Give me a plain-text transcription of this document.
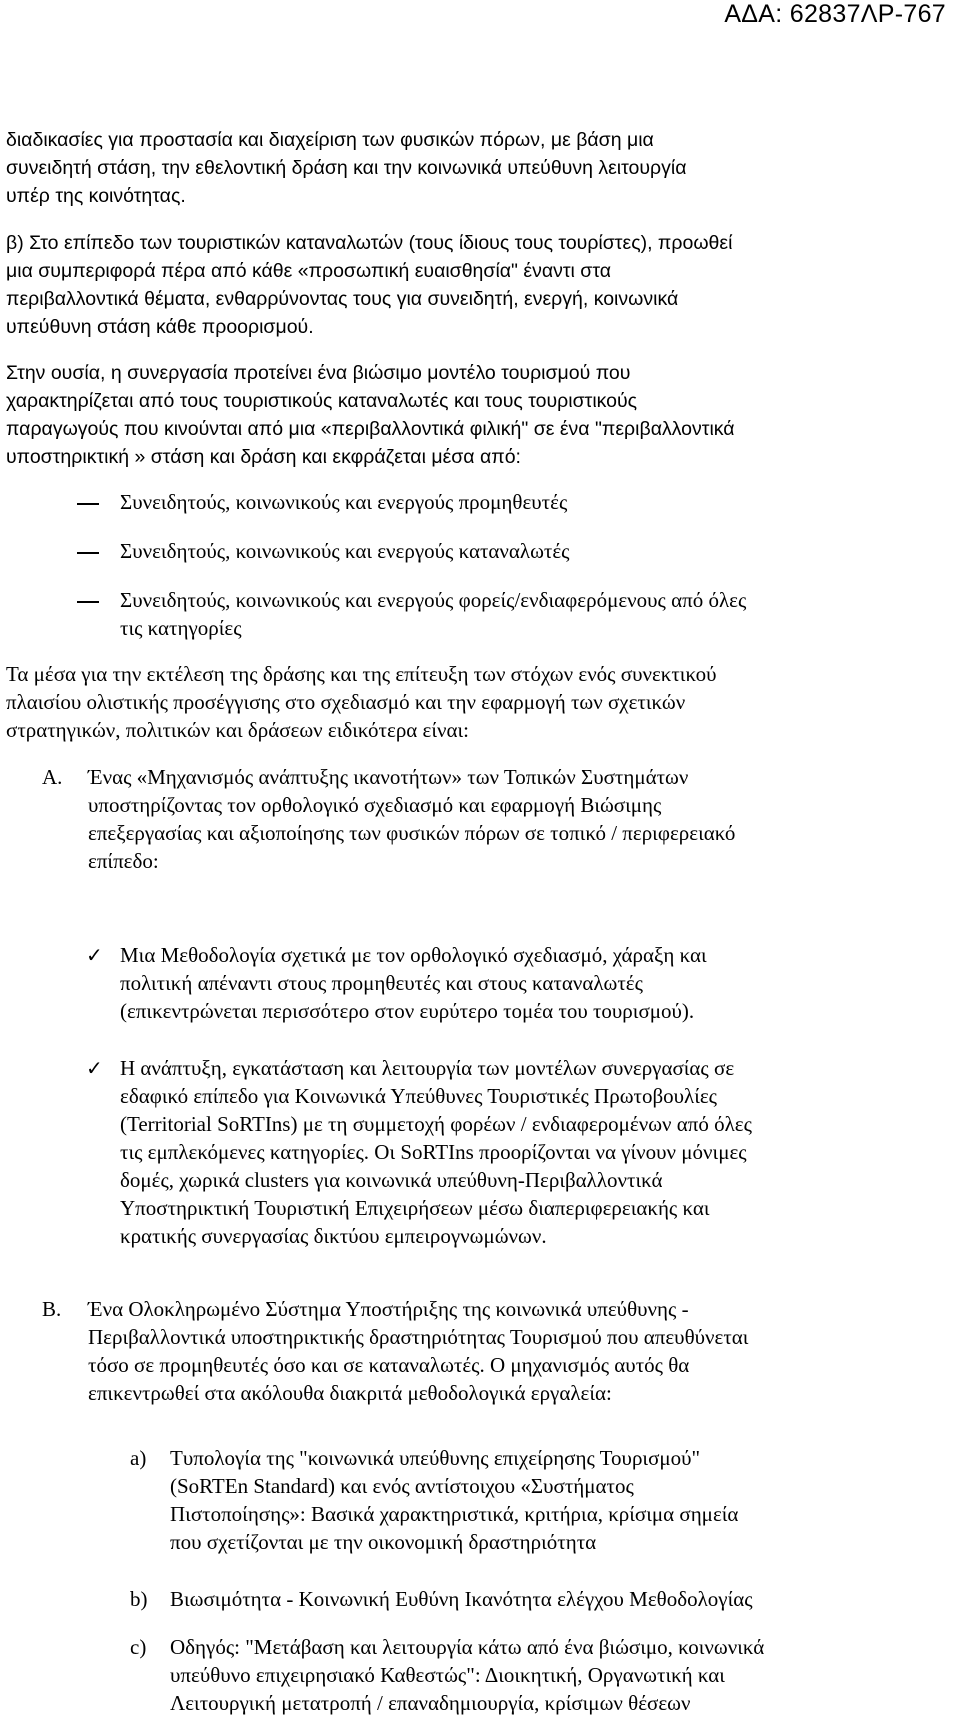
ΑΔΑ: 62837ΛΡ-767
διαδικασίες για προστασία και διαχείριση των φυσικών πόρων, με βάση μια
συνειδητή στάση, την εθελοντική δράση και την κοινωνικά υπεύθυνη λειτουργία
υπέρ της κοινότητας.
β) Στο επίπεδο των τουριστικών καταναλωτών (τους ίδιους τους τουρίστες), προωθεί
μια συμπεριφορά πέρα από κάθε «προσωπική ευαισθησία" έναντι στα
περιβαλλοντικά θέματα, ενθαρρύνοντας τους για συνειδητή, ενεργή, κοινωνικά
υπεύθυνη στάση κάθε προορισμού.
Στην ουσία, η συνεργασία προτείνει ένα βιώσιμο μοντέλο τουρισμού που
χαρακτηρίζεται από τους τουριστικούς καταναλωτές και τους τουριστικούς
παραγωγούς που κινούνται από μια «περιβαλλοντικά φιλική" σε ένα "περιβαλλοντικά
υποστηρικτική » στάση και δράση και εκφράζεται μέσα από:
Συνειδητούς, κοινωνικούς και ενεργούς προμηθευτές
Συνειδητούς, κοινωνικούς και ενεργούς καταναλωτές
Συνειδητούς, κοινωνικούς και ενεργούς φορείς/ενδιαφερόμενους από όλες
τις κατηγορίες
Τα μέσα για την εκτέλεση της δράσης και της επίτευξη των στόχων ενός συνεκτικού
πλαισίου ολιστικής προσέγγισης στο σχεδιασμό και την εφαρμογή των σχετικών
στρατηγικών, πολιτικών και δράσεων ειδικότερα είναι:
Α. Ένας «Μηχανισμός ανάπτυξης ικανοτήτων» των Τοπικών Συστημάτων
υποστηρίζοντας τον ορθολογικό σχεδιασμό και εφαρμογή Βιώσιμης
επεξεργασίας και αξιοποίησης των φυσικών πόρων σε τοπικό / περιφερειακό
επίπεδο:
✓ Μια Μεθοδολογία σχετικά με τον ορθολογικό σχεδιασμό, χάραξη και
πολιτική απέναντι στους προμηθευτές και στους καταναλωτές
(επικεντρώνεται περισσότερο στον ευρύτερο τομέα του τουρισμού).
✓ Η ανάπτυξη, εγκατάσταση και λειτουργία των μοντέλων συνεργασίας σε
εδαφικό επίπεδο για Κοινωνικά Υπεύθυνες Τουριστικές Πρωτοβουλίες
(Territorial SoRTIns) με τη συμμετοχή φορέων / ενδιαφερομένων από όλες
τις εμπλεκόμενες κατηγορίες. Οι SoRTIns προορίζονται να γίνουν μόνιμες
δομές, χωρικά clusters για κοινωνικά υπεύθυνη-Περιβαλλοντικά
Υποστηρικτική Τουριστική Επιχειρήσεων μέσω διαπεριφερειακής και
κρατικής συνεργασίας δικτύου εμπειρογνωμώνων.
Β. Ένα Ολοκληρωμένο Σύστημα Υποστήριξης της κοινωνικά υπεύθυνης -
Περιβαλλοντικά υποστηρικτικής δραστηριότητας Τουρισμού που απευθύνεται
τόσο σε προμηθευτές όσο και σε καταναλωτές. Ο μηχανισμός αυτός θα
επικεντρωθεί στα ακόλουθα διακριτά μεθοδολογικά εργαλεία:
a) Τυπολογία της "κοινωνικά υπεύθυνης επιχείρησης Τουρισμού"
(SoRTEn Standard) και ενός αντίστοιχου «Συστήματος
Πιστοποίησης»: Βασικά χαρακτηριστικά, κριτήρια, κρίσιμα σημεία
που σχετίζονται με την οικονομική δραστηριότητα
b) Βιωσιμότητα - Κοινωνική Ευθύνη Ικανότητα ελέγχου Μεθοδολογίας
c) Οδηγός: "Μετάβαση και λειτουργία κάτω από ένα βιώσιμο, κοινωνικά
υπεύθυνο επιχειρησιακό Καθεστώς": Διοικητική, Οργανωτική και
Λειτουργική μετατροπή / επαναδημιουργία, κρίσιμων θέσεων
